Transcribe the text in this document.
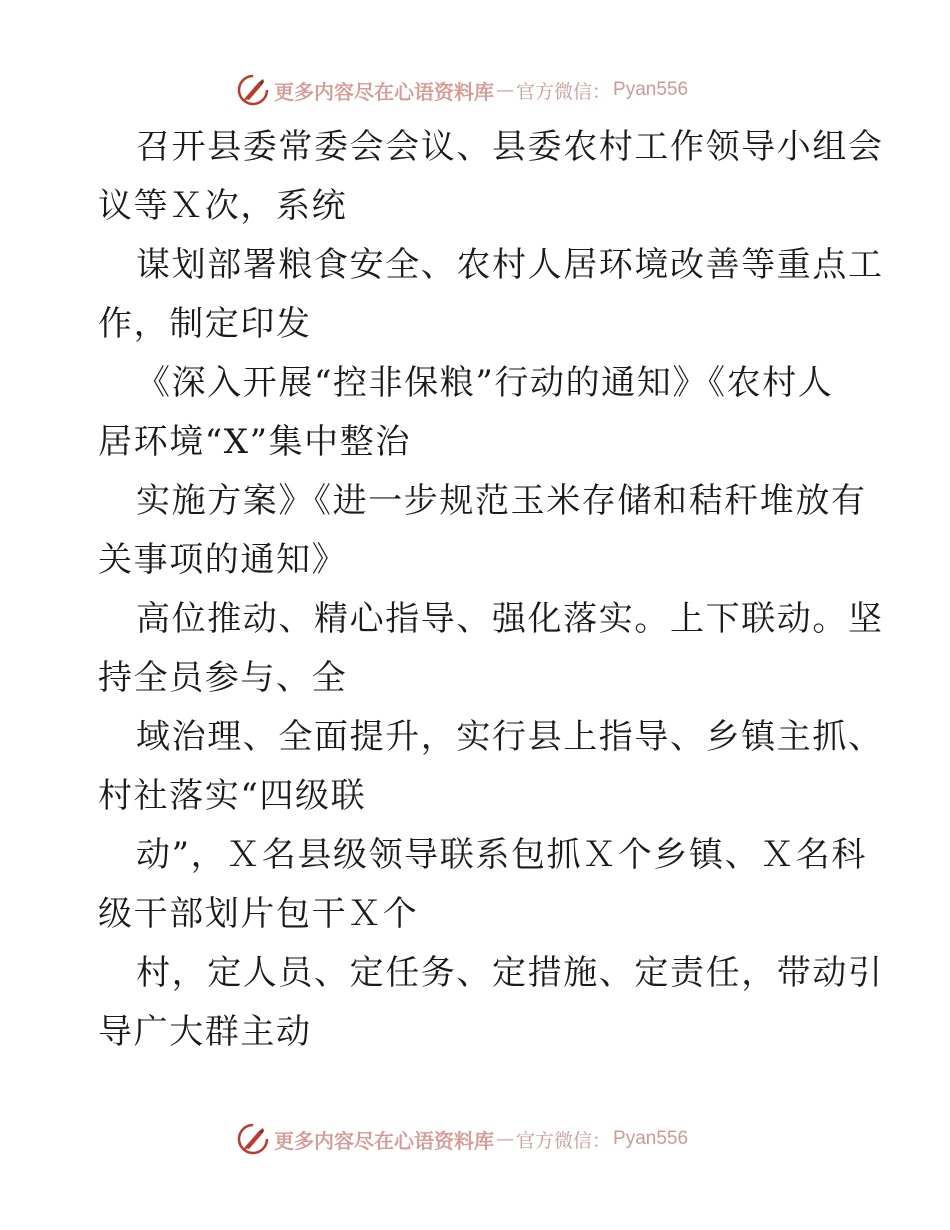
更多内容尽在心语资料库 — 官方微信： Pyan556
召开县委常委会会议、县委农村工作领导小组会
议等Ｘ次，系统
谋划部署粮食安全、农村人居环境改善等重点工
作，制定印发
《深入开展“控非保粮”行动的通知》《农村人
居环境“X”集中整治
实施方案》《进一步规范玉米存储和秸秆堆放有
关事项的通知》
高位推动、精心指导、强化落实。上下联动。坚
持全员参与、全
域治理、全面提升，实行县上指导、乡镇主抓、
村社落实“四级联
动”，Ｘ名县级领导联系包抓Ｘ个乡镇、Ｘ名科
级干部划片包干Ｘ个
村，定人员、定任务、定措施、定责任，带动引
导广大群主动
更多内容尽在心语资料库 — 官方微信： Pyan556
